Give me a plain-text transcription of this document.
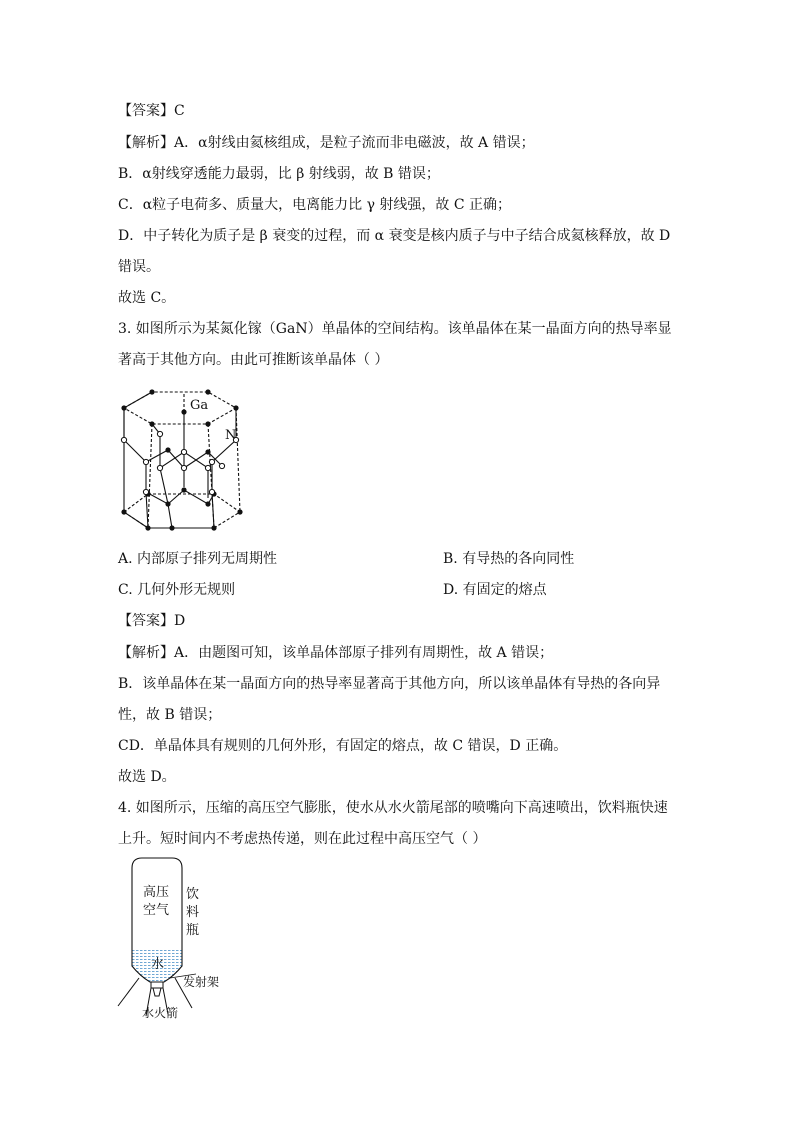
【答案】C
【解析】A．α射线由氦核组成，是粒子流而非电磁波，故 A 错误；
B．α射线穿透能力最弱，比 β 射线弱，故 B 错误；
C．α粒子电荷多、质量大，电离能力比 γ 射线强，故 C 正确；
D．中子转化为质子是 β 衰变的过程，而 α 衰变是核内质子与中子结合成氦核释放，故 D
错误。
故选 C。
3. 如图所示为某氮化镓（GaN）单晶体的空间结构。该单晶体在某一晶面方向的热导率显
著高于其他方向。由此可推断该单晶体（ ）
Ga
N
A. 内部原子排列无周期性	B. 有导热的各向同性
C. 几何外形无规则	D. 有固定的熔点
【答案】D
【解析】A．由题图可知，该单晶体部原子排列有周期性，故 A 错误；
B．该单晶体在某一晶面方向的热导率显著高于其他方向，所以该单晶体有导热的各向异
性，故 B 错误；
CD．单晶体具有规则的几何外形，有固定的熔点，故 C 错误，D 正确。
故选 D。
4. 如图所示，压缩的高压空气膨胀，使水从水火箭尾部的喷嘴向下高速喷出，饮料瓶快速
上升。短时间内不考虑热传递，则在此过程中高压空气（ ）
高压
空气
饮
料
瓶
水
发射架
水火箭
